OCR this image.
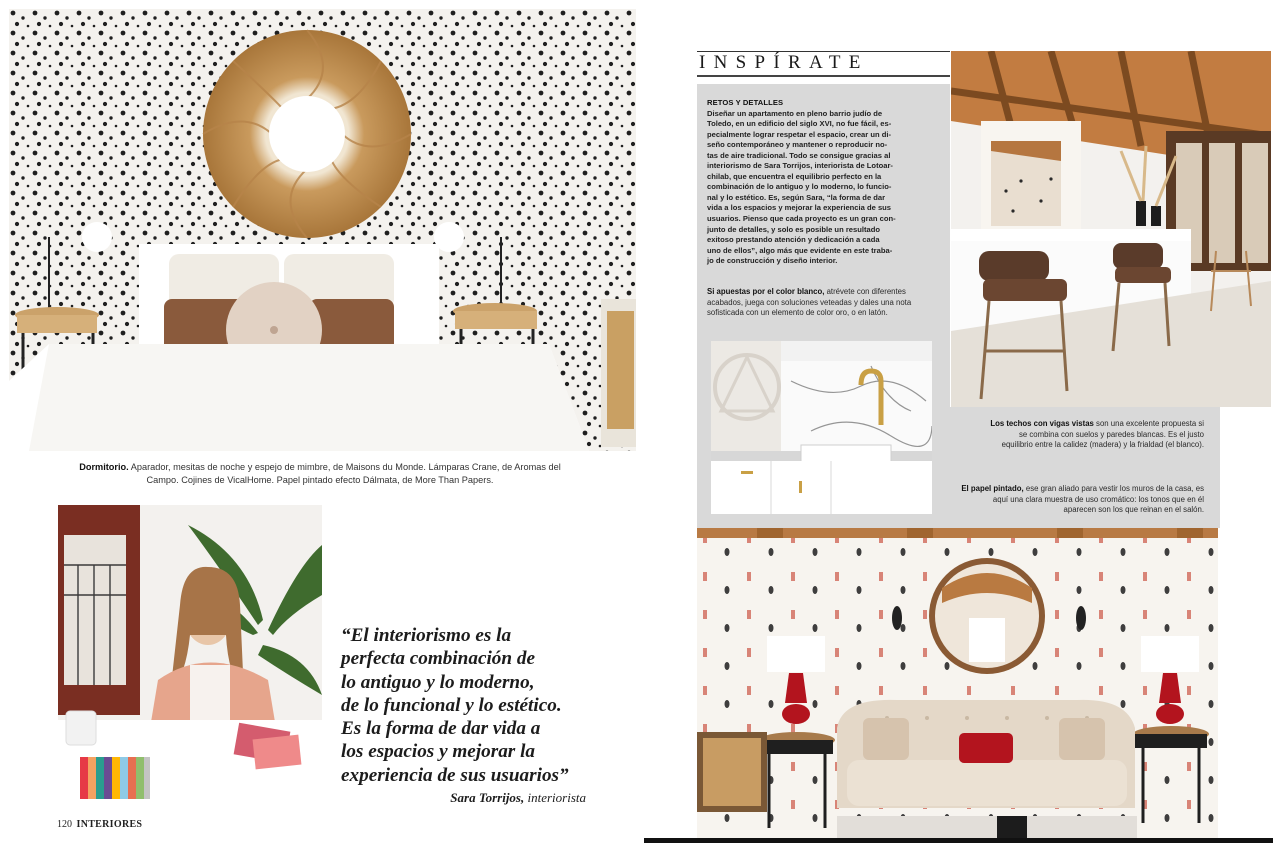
Dormitorio. Aparador, mesitas de noche y espejo de mimbre, de Maisons du Monde. Lámparas Crane, de Aromas del Campo. Cojines de VicalHome. Papel pintado efecto Dálmata, de More Than Papers.
“El interiorismo es la
perfecta combinación de
lo antiguo y lo moderno,
de lo funcional y lo estético.
Es la forma de dar vida a
los espacios y mejorar la
experiencia de sus usuarios”
Sara Torrijos, interiorista
120 INTERIORES
INSPÍRATE
RETOS Y DETALLES
Diseñar un apartamento en pleno barrio judío de
Toledo, en un edificio del siglo XVI, no fue fácil, es-
pecialmente lograr respetar el espacio, crear un di-
seño contemporáneo y mantener o reproducir no-
tas de aire tradicional. Todo se consigue gracias al
interiorismo de Sara Torrijos, interiorista de Lotoar-
chilab, que encuentra el equilibrio perfecto en la
combinación de lo antiguo y lo moderno, lo funcio-
nal y lo estético. Es, según Sara, “la forma de dar
vida a los espacios y mejorar la experiencia de sus
usuarios. Pienso que cada proyecto es un gran con-
junto de detalles, y solo es posible un resultado
exitoso prestando atención y dedicación a cada
uno de ellos”, algo más que evidente en este traba-
jo de construcción y diseño interior.
Si apuestas por el color blanco, atrévete con diferentes acabados, juega con soluciones veteadas y dales una nota sofisticada con un elemento de color oro, o en latón.
Los techos con vigas vistas son una excelente propuesta si se combina con suelos y paredes blancas. Es el justo equilibrio entre la calidez (madera) y la frialdad (el blanco).
El papel pintado, ese gran aliado para vestir los muros de la casa, es aquí una clara muestra de uso cromático: los tonos que en él aparecen son los que reinan en el salón.
